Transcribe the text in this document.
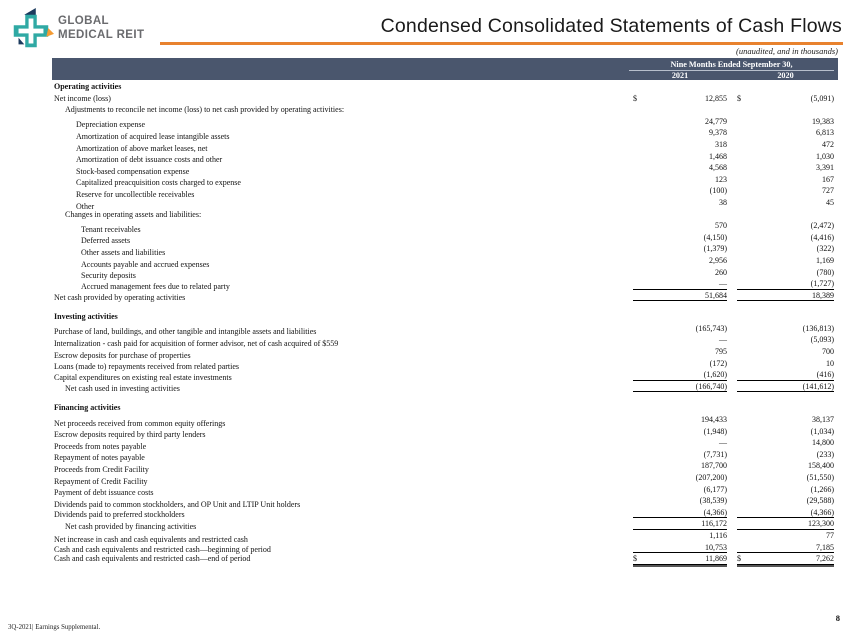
GLOBAL
MEDICAL REIT	Condensed Consolidated Statements of Cash Flows
(unaudited, and in thousands)
Nine Months Ended September 30,
2021	2020
Operating activities
Net income (loss)	$	12,855 $	(5,091)
Adjustments to reconcile net income (loss) to net cash provided by operating activities:
Depreciation expense	24,779	19,383
Amortization of acquired lease intangible assets	9,378	6,813
Amortization of above market leases, net	318	472
Amortization of debt issuance costs and other	1,468	1,030
Stock-based compensation expense	4,568	3,391
Capitalized preacquisition costs charged to expense	123	167
Reserve for uncollectible receivables	(100)	727
Other	38	45
Changes in operating assets and liabilities:
Tenant receivables	570	(2,472)
Deferred assets	(4,150)	(4,416)
Other assets and liabilities	(1,379)	(322)
Accounts payable and accrued expenses	2,956	1,169
Security deposits	260	(780)
Accrued management fees due to related party	—	(1,727)
Net cash provided by operating activities	51,684	18,389
Investing activities
Purchase of land, buildings, and other tangible and intangible assets and liabilities	(165,743)	(136,813)
Internalization - cash paid for acquisition of former advisor, net of cash acquired of $559	—	(5,093)
Escrow deposits for purchase of properties	795	700
Loans (made to) repayments received from related parties	(172)	10
Capital expenditures on existing real estate investments	(1,620)	(416)
Net cash used in investing activities	(166,740)	(141,612)
Financing activities
Net proceeds received from common equity offerings	194,433	38,137
Escrow deposits required by third party lenders	(1,948)	(1,034)
Proceeds from notes payable	—	14,800
Repayment of notes payable	(7,731)	(233)
Proceeds from Credit Facility	187,700	158,400
Repayment of Credit Facility	(207,200)	(51,550)
Payment of debt issuance costs	(6,177)	(1,266)
Dividends paid to common stockholders, and OP Unit and LTIP Unit holders	(38,539)	(29,588)
Dividends paid to preferred stockholders	(4,366)	(4,366)
Net cash provided by financing activities	116,172	123,300
Net increase in cash and cash equivalents and restricted cash	1,116	77
Cash and cash equivalents and restricted cash—beginning of period	10,753	7,185
Cash and cash equivalents and restricted cash—end of period	$	11,869 $	7,262
3Q-2021| Earnings Supplemental.
8
